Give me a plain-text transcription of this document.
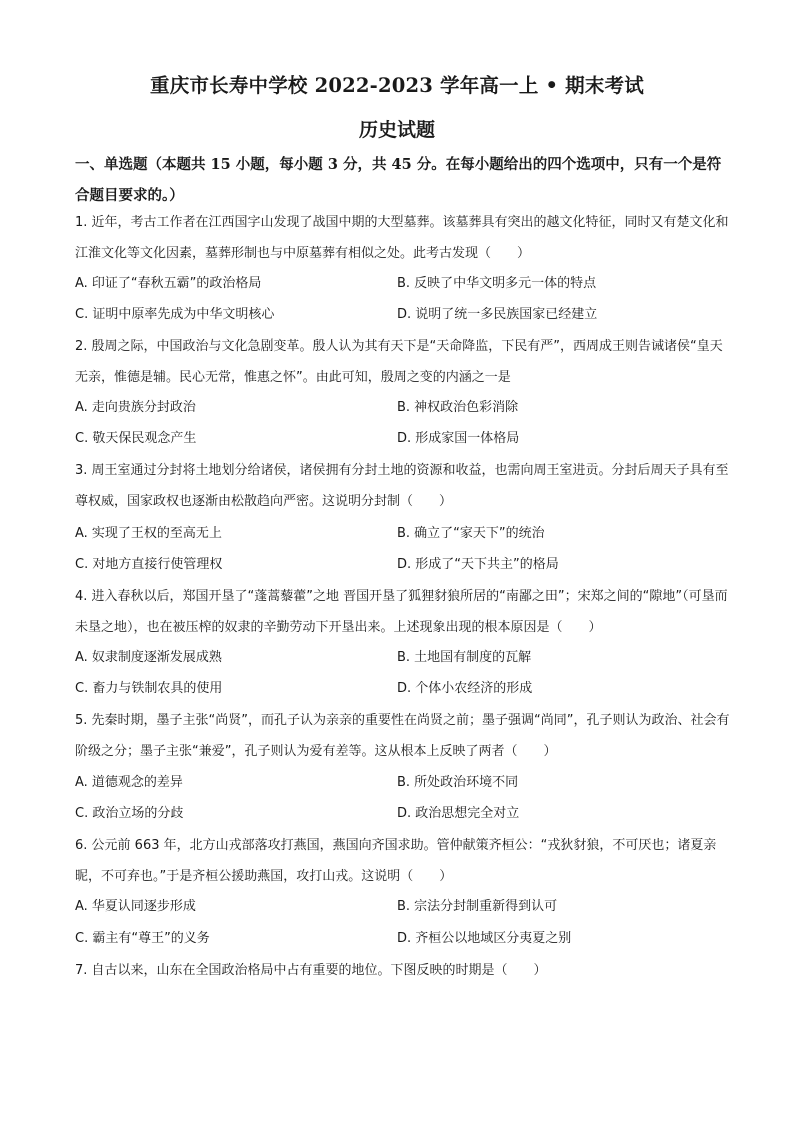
重庆市长寿中学校 2022-2023 学年高一上 • 期末考试
历史试题
一、单选题（本题共 15 小题，每小题 3 分，共 45 分。在每小题给出的四个选项中，只有一个是符合题目要求的。）
1. 近年，考古工作者在江西国字山发现了战国中期的大型墓葬。该墓葬具有突出的越文化特征，同时又有楚文化和江淮文化等文化因素，墓葬形制也与中原墓葬有相似之处。此考古发现（　　）
A. 印证了“春秋五霸”的政治格局	B. 反映了中华文明多元一体的特点
C. 证明中原率先成为中华文明核心	D. 说明了统一多民族国家已经建立
2. 殷周之际，中国政治与文化急剧变革。殷人认为其有天下是“天命降监，下民有严”，西周成王则告诫诸侯“皇天无亲，惟德是辅。民心无常，惟惠之怀”。由此可知，殷周之变的内涵之一是
A. 走向贵族分封政治	B. 神权政治色彩消除
C. 敬天保民观念产生	D. 形成家国一体格局
3. 周王室通过分封将土地划分给诸侯，诸侯拥有分封土地的资源和收益，也需向周王室进贡。分封后周天子具有至尊权威，国家政权也逐渐由松散趋向严密。这说明分封制（　　）
A. 实现了王权的至高无上	B. 确立了“家天下”的统治
C. 对地方直接行使管理权	D. 形成了“天下共主”的格局
4. 进入春秋以后，郑国开垦了“蓬蒿藜藿”之地 晋国开垦了狐狸豺狼所居的“南鄙之田”；宋郑之间的“隙地”（可垦而未垦之地），也在被压榨的奴隶的辛勤劳动下开垦出来。上述现象出现的根本原因是（　　）
A. 奴隶制度逐渐发展成熟	B. 土地国有制度的瓦解
C. 畜力与铁制农具的使用	D. 个体小农经济的形成
5. 先秦时期，墨子主张“尚贤”，而孔子认为亲亲的重要性在尚贤之前；墨子强调“尚同”，孔子则认为政治、社会有阶级之分；墨子主张“兼爱”，孔子则认为爱有差等。这从根本上反映了两者（　　）
A. 道德观念的差异	B. 所处政治环境不同
C. 政治立场的分歧	D. 政治思想完全对立
6. 公元前 663 年，北方山戎部落攻打燕国，燕国向齐国求助。管仲献策齐桓公：“戎狄豺狼，不可厌也；诸夏亲昵，不可弃也。”于是齐桓公援助燕国，攻打山戎。这说明（　　）
A. 华夏认同逐步形成	B. 宗法分封制重新得到认可
C. 霸主有“尊王”的义务	D. 齐桓公以地域区分夷夏之别
7. 自古以来，山东在全国政治格局中占有重要的地位。下图反映的时期是（　　）
